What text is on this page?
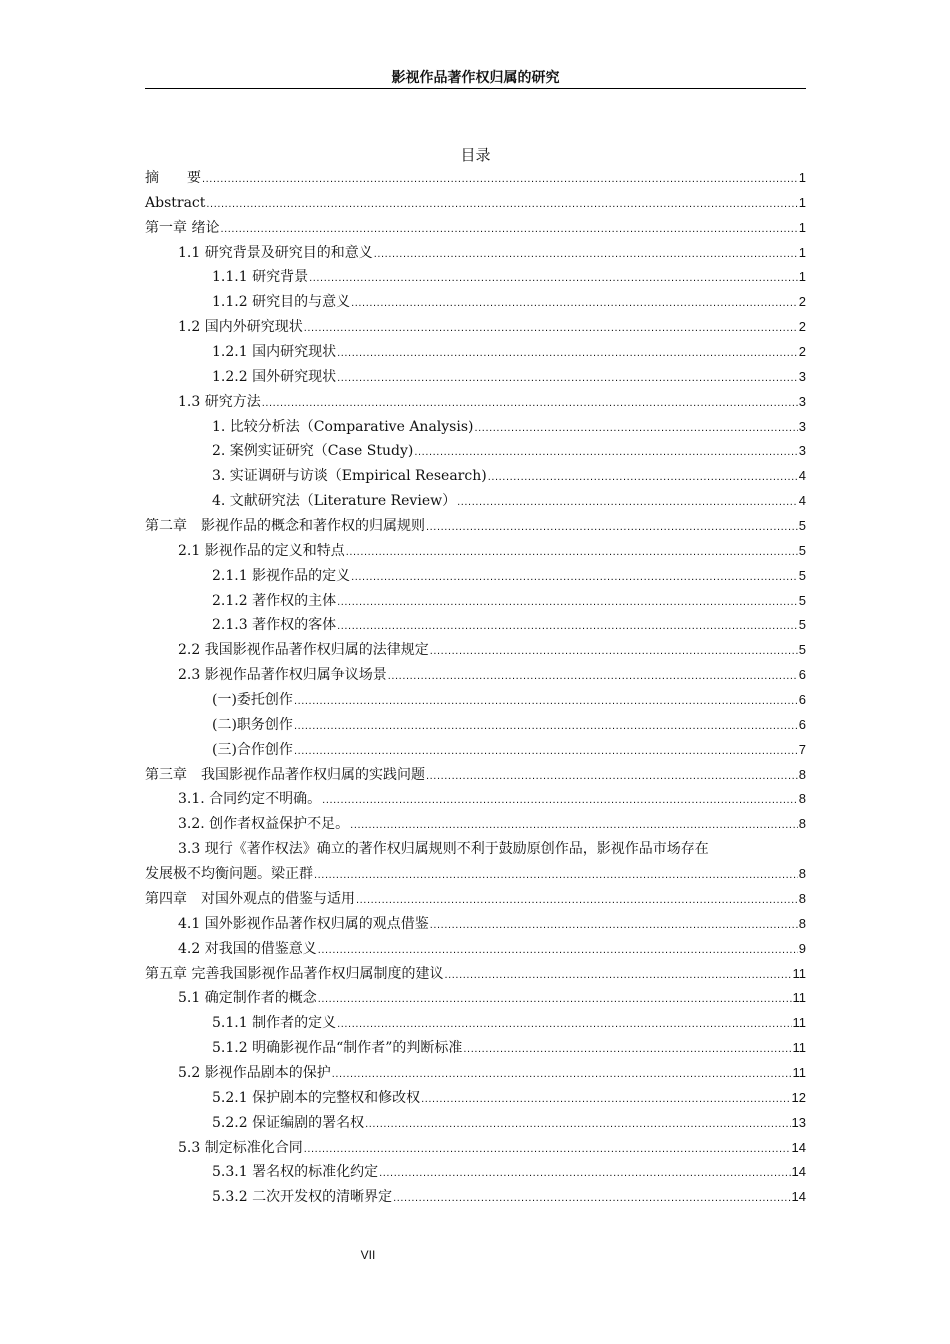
影视作品著作权归属的研究
目录
摘　　要 .....	1
Abstract .....	1
第一章 绪论 .....	1
1.1 研究背景及研究目的和意义 .....	1
1.1.1 研究背景 .....	1
1.1.2 研究目的与意义 .....	2
1.2 国内外研究现状 .....	2
1.2.1 国内研究现状 .....	2
1.2.2 国外研究现状 .....	3
1.3 研究方法 .....	3
1. 比较分析法（Comparative Analysis) .....	3
2. 案例实证研究（Case Study) .....	3
3. 实证调研与访谈（Empirical Research) .....	4
4. 文献研究法（Literature Review） .....	4
第二章　影视作品的概念和著作权的归属规则 .....	5
2.1 影视作品的定义和特点 .....	5
2.1.1 影视作品的定义 .....	5
2.1.2 著作权的主体 .....	5
2.1.3 著作权的客体 .....	5
2.2 我国影视作品著作权归属的法律规定 .....	5
2.3 影视作品著作权归属争议场景 .....	6
(一)委托创作 .....	6
(二)职务创作 .....	6
(三)合作创作 .....	7
第三章　我国影视作品著作权归属的实践问题 .....	8
3.1. 合同约定不明确。 .....	8
3.2. 创作者权益保护不足。 .....	8
3.3 现行《著作权法》确立的著作权归属规则不利于鼓励原创作品，影视作品市场存在
发展极不均衡问题。梁正群 .....	8
第四章　对国外观点的借鉴与适用 .....	8
4.1 国外影视作品著作权归属的观点借鉴 .....	8
4.2 对我国的借鉴意义 .....	9
第五章 完善我国影视作品著作权归属制度的建议 .....	11
5.1 确定制作者的概念 .....	11
5.1.1 制作者的定义 .....	11
5.1.2 明确影视作品“制作者”的判断标准 .....	11
5.2 影视作品剧本的保护 .....	11
5.2.1 保护剧本的完整权和修改权 .....	12
5.2.2 保证编剧的署名权 .....	13
5.3 制定标准化合同 .....	14
5.3.1 署名权的标准化约定 .....	14
5.3.2 二次开发权的清晰界定 .....	14
VII
